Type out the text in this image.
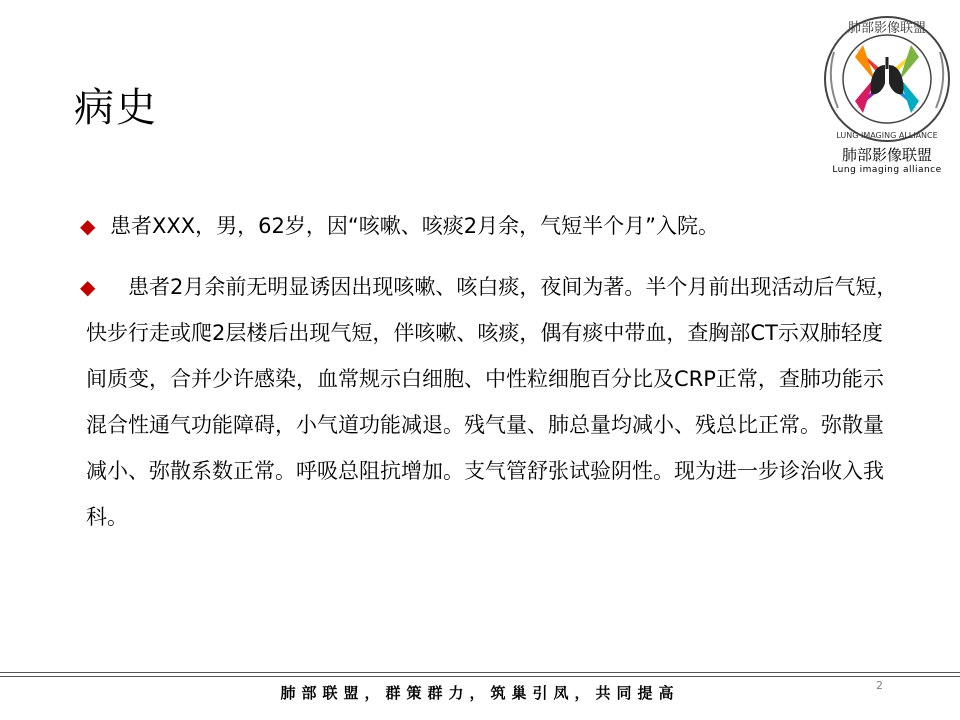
病史
肺部影像联盟
LUNG IMAGING ALLIANCE
肺部影像联盟
Lung imaging alliance
◆ 患者XXX，男，62岁，因“咳嗽、咳痰2月余，气短半个月”入院。
◆	患者2月余前无明显诱因出现咳嗽、咳白痰，夜间为著。半个月前出现活动后气短，快步行走或爬2层楼后出现气短，伴咳嗽、咳痰，偶有痰中带血，查胸部CT示双肺轻度间质变，合并少许感染，血常规示白细胞、中性粒细胞百分比及CRP正常，查肺功能示混合性通气功能障碍，小气道功能减退。残气量、肺总量均减小、残总比正常。弥散量减小、弥散系数正常。呼吸总阻抗增加。支气管舒张试验阴性。现为进一步诊治收入我科。
肺部联盟，群策群力，筑巢引凤，共同提高	2
